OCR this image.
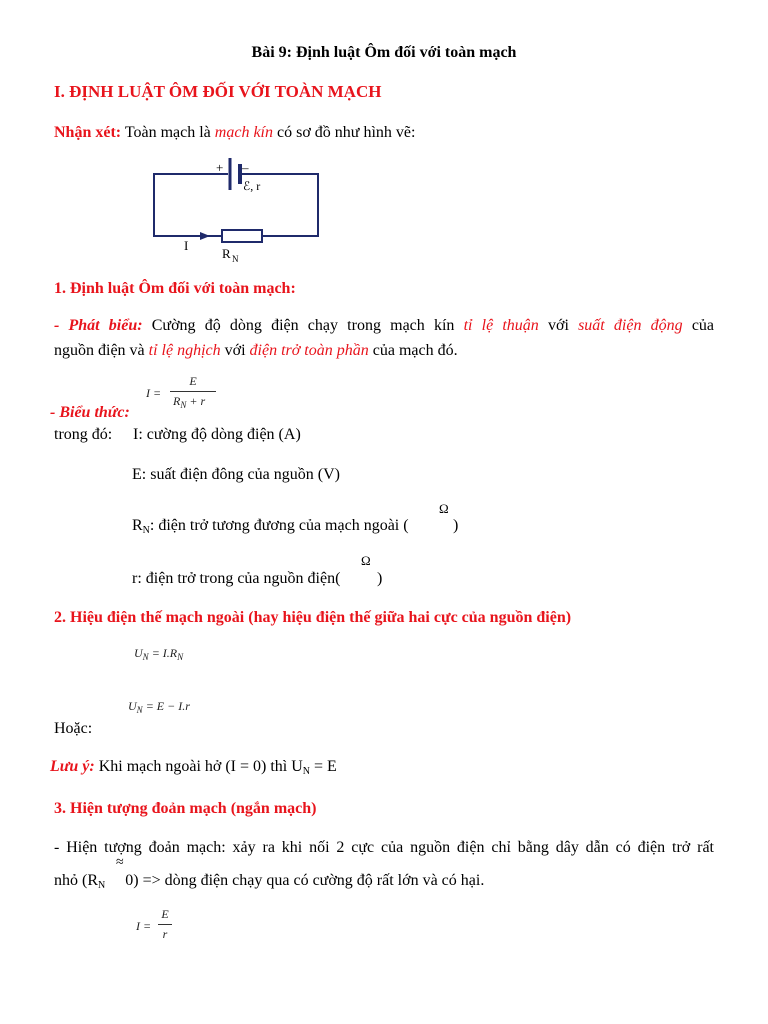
Bài 9: Định luật Ôm đối với toàn mạch
I. ĐỊNH LUẬT ÔM ĐỐI VỚI TOÀN MẠCH
Nhận xét: Toàn mạch là mạch kín có sơ đồ như hình vẽ:
+ –
ℰ, r
I
R N
1. Định luật Ôm đối với toàn mạch:
- Phát biểu: Cường độ dòng điện chạy trong mạch kín tỉ lệ thuận với suất điện động của
nguồn điện và tỉ lệ nghịch với điện trở toàn phần của mạch đó.
I =
E
$R_N + r$
- Biểu thức:
trong đó: I: cường độ dòng điện (A)
E: suất điện đông của nguồn (V)
RN: điện trở tương đương của mạch ngoài (
Ω
)
r: điện trở trong của nguồn điện(
Ω
)
2. Hiệu điện thế mạch ngoài (hay hiệu điện thế giữa hai cực của nguồn điện)
$U_N = I.R_N$
$U_N = E - I.r$
Hoặc:
Lưu ý: Khi mạch ngoài hở (I = 0) thì UN = E
3. Hiện tượng đoản mạch (ngắn mạch)
- Hiện tượng đoản mạch: xảy ra khi nối 2 cực của nguồn điện chỉ bằng dây dẫn có điện trở rất
nhỏ (RN     0) => dòng điện chạy qua có cường độ rất lớn và có hại.
≈
I =
E
r
